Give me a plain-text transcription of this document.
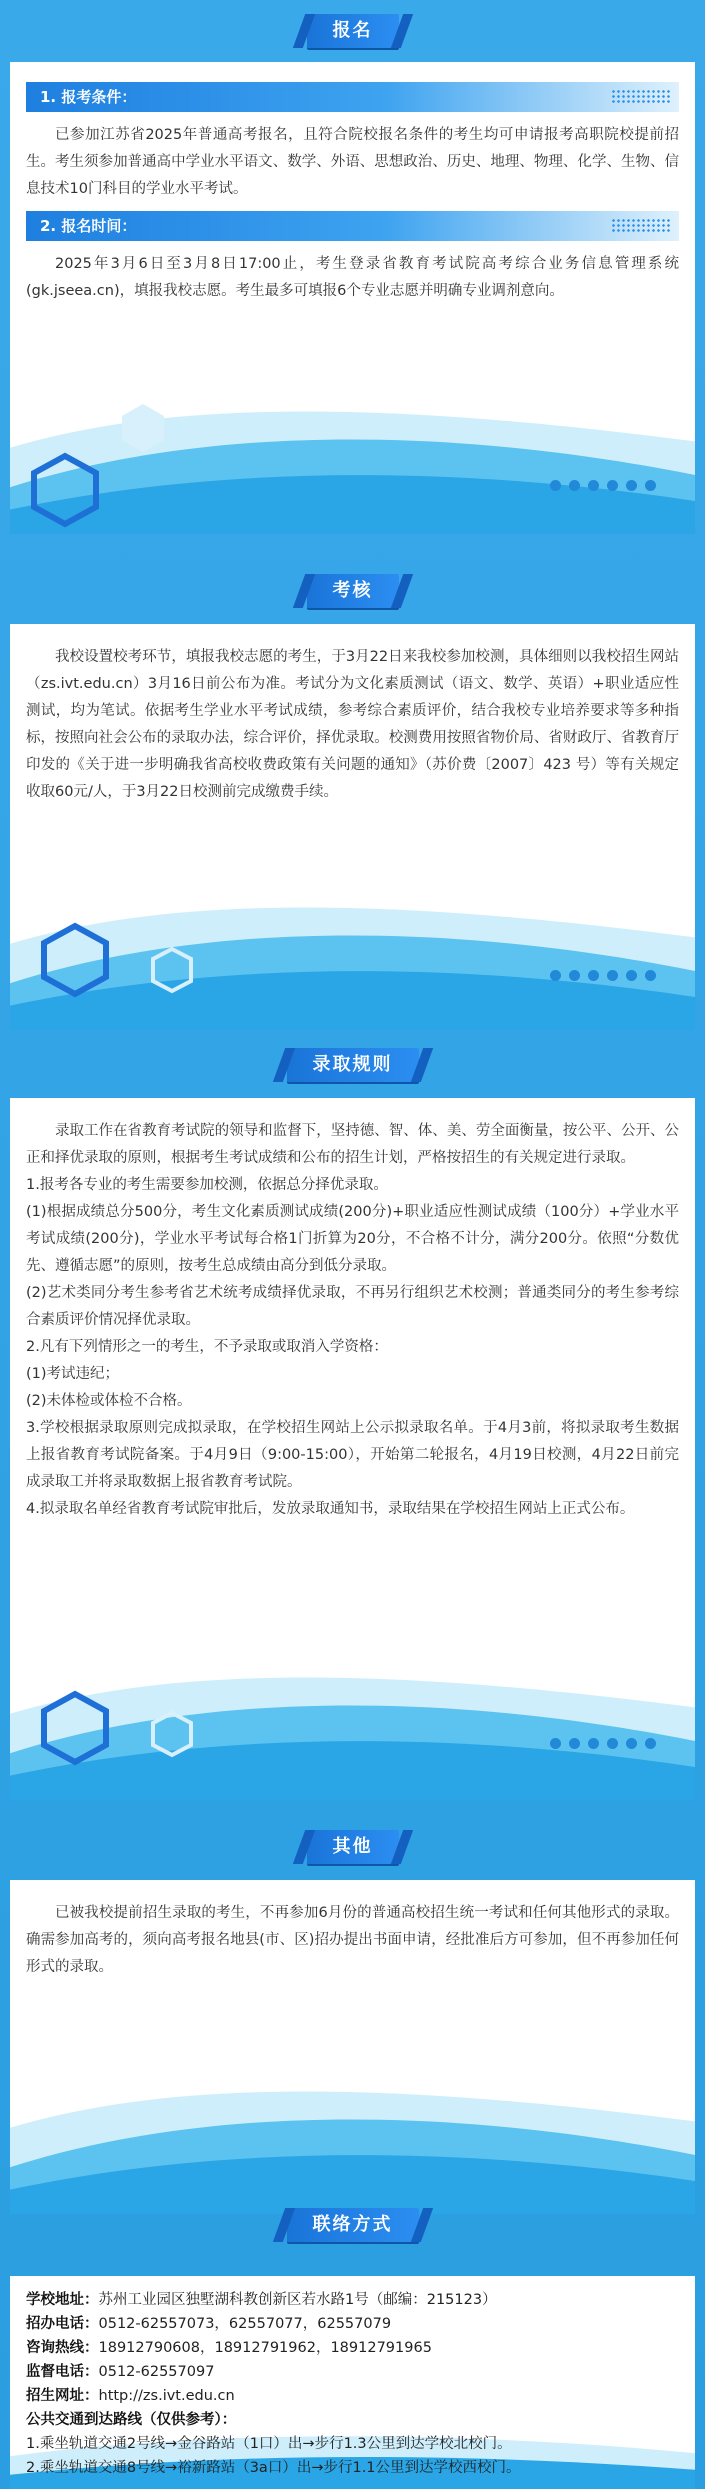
报名
1. 报考条件：

已参加江苏省2025年普通高考报名，且符合院校报名条件的考生均可申请报考高职院校提前招生。考生须参加普通高中学业水平语文、数学、外语、思想政治、历史、地理、物理、化学、生物、信息技术10门科目的学业水平考试。

2. 报名时间：

2025年3月6日至3月8日17:00止，考生登录省教育考试院高考综合业务信息管理系统(gk.jseea.cn)，填报我校志愿。考生最多可填报6个专业志愿并明确专业调剂意向。

考核

我校设置校考环节，填报我校志愿的考生，于3月22日来我校参加校测，具体细则以我校招生网站（zs.ivt.edu.cn）3月16日前公布为准。考试分为文化素质测试（语文、数学、英语）+职业适应性测试，均为笔试。依据考生学业水平考试成绩，参考综合素质评价，结合我校专业培养要求等多种指标，按照向社会公布的录取办法，综合评价，择优录取。校测费用按照省物价局、省财政厅、省教育厅印发的《关于进一步明确我省高校收费政策有关问题的通知》（苏价费〔2007〕423 号）等有关规定收取60元/人，于3月22日校测前完成缴费手续。

录取规则

录取工作在省教育考试院的领导和监督下，坚持德、智、体、美、劳全面衡量，按公平、公开、公正和择优录取的原则，根据考生考试成绩和公布的招生计划，严格按招生的有关规定进行录取。

1.报考各专业的考生需要参加校测，依据总分择优录取。

(1)根据成绩总分500分，考生文化素质测试成绩(200分)+职业适应性测试成绩（100分）+学业水平考试成绩(200分)，学业水平考试每合格1门折算为20分，不合格不计分，满分200分。依照“分数优先、遵循志愿”的原则，按考生总成绩由高分到低分录取。

(2)艺术类同分考生参考省艺术统考成绩择优录取，不再另行组织艺术校测；普通类同分的考生参考综合素质评价情况择优录取。

2.凡有下列情形之一的考生，不予录取或取消入学资格：

(1)考试违纪；

(2)未体检或体检不合格。

3.学校根据录取原则完成拟录取，在学校招生网站上公示拟录取名单。于4月3前，将拟录取考生数据上报省教育考试院备案。于4月9日（9:00-15:00），开始第二轮报名，4月19日校测，4月22日前完成录取工并将录取数据上报省教育考试院。

4.拟录取名单经省教育考试院审批后，发放录取通知书，录取结果在学校招生网站上正式公布。

其他

已被我校提前招生录取的考生，不再参加6月份的普通高校招生统一考试和任何其他形式的录取。确需参加高考的，须向高考报名地县(市、区)招办提出书面申请，经批准后方可参加，但不再参加任何形式的录取。

联络方式
学校地址：苏州工业园区独墅湖科教创新区若水路1号（邮编：215123）
招办电话：0512-62557073，62557077，62557079
咨询热线：18912790608，18912791962，18912791965
监督电话：0512-62557097
招生网址：http://zs.ivt.edu.cn
公共交通到达路线（仅供参考）：
1.乘坐轨道交通2号线→金谷路站（1口）出→步行1.3公里到达学校北校门。
2.乘坐轨道交通8号线→裕新路站（3a口）出→步行1.1公里到达学校西校门。
